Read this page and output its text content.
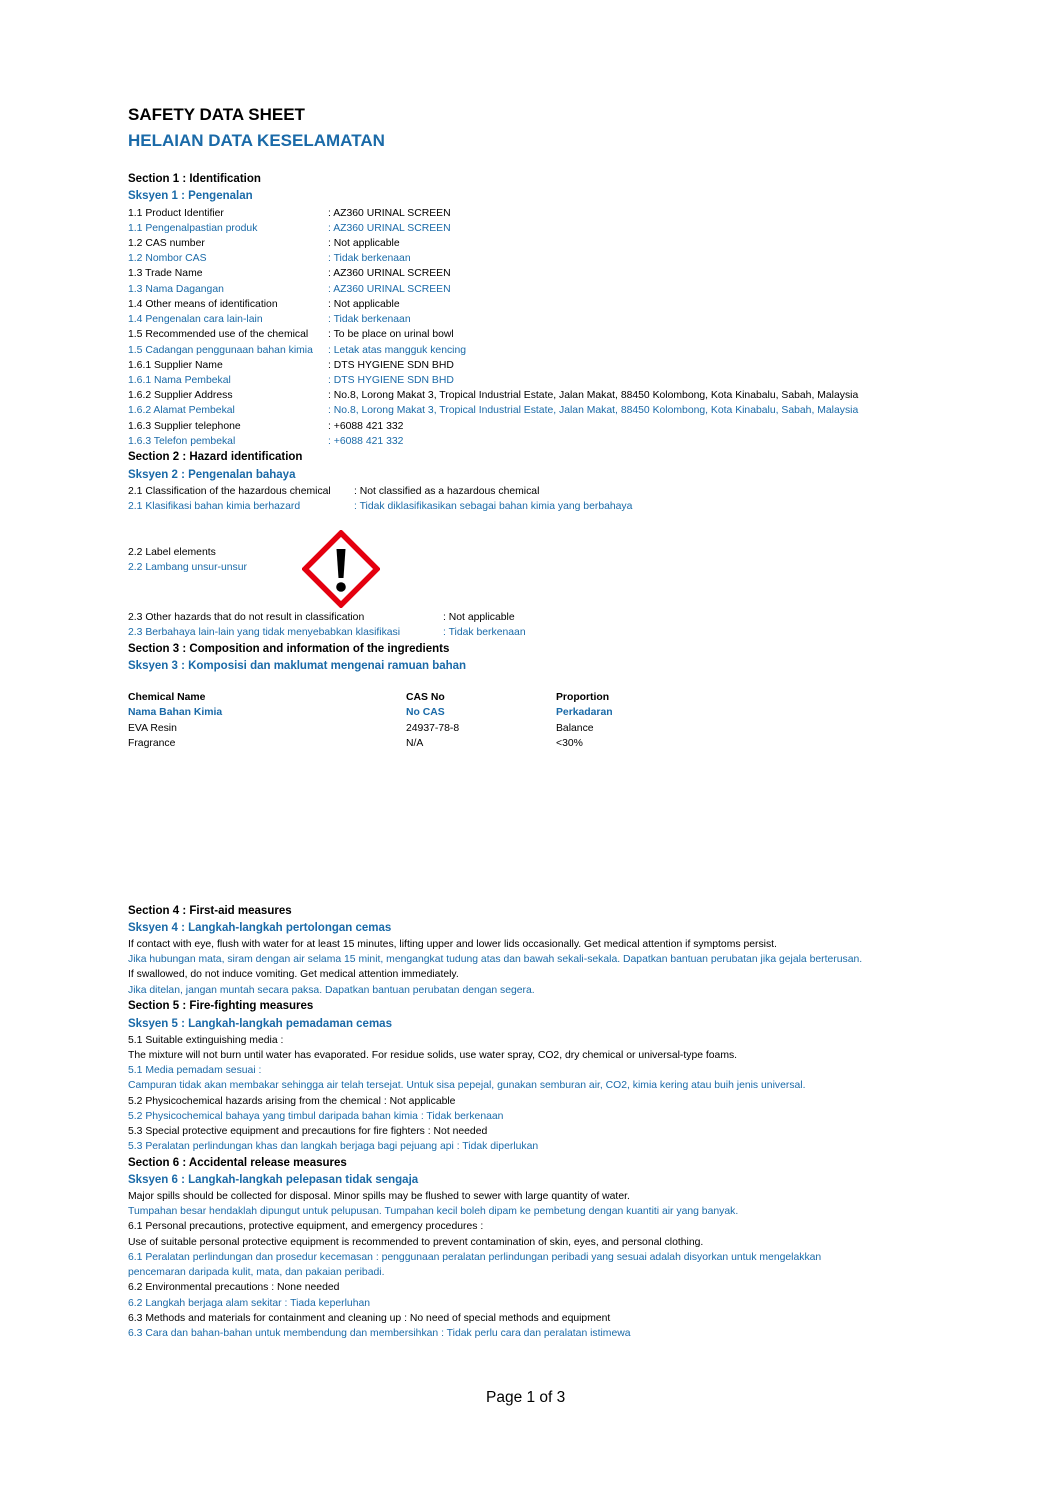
SAFETY DATA SHEET
HELAIAN DATA KESELAMATAN
Section 1 : Identification
Sksyen 1 : Pengenalan
1.1 Product Identifier	: AZ360 URINAL SCREEN
1.1 Pengenalpastian produk	: AZ360 URINAL SCREEN
1.2 CAS number	: Not applicable
1.2 Nombor CAS	: Tidak berkenaan
1.3 Trade Name	: AZ360 URINAL SCREEN
1.3 Nama Dagangan	: AZ360 URINAL SCREEN
1.4 Other means of identification	: Not applicable
1.4 Pengenalan cara lain-lain	: Tidak berkenaan
1.5 Recommended use of the chemical : To be place on urinal bowl
1.5 Cadangan penggunaan bahan kimia : Letak atas mangguk kencing
1.6.1 Supplier Name	: DTS HYGIENE SDN BHD
1.6.1 Nama Pembekal	: DTS HYGIENE SDN BHD
1.6.2 Supplier Address	: No.8, Lorong Makat 3, Tropical Industrial Estate, Jalan Makat, 88450 Kolombong, Kota Kinabalu, Sabah, Malaysia
1.6.2 Alamat Pembekal	: No.8, Lorong Makat 3, Tropical Industrial Estate, Jalan Makat, 88450 Kolombong, Kota Kinabalu, Sabah, Malaysia
1.6.3 Supplier telephone	: +6088 421 332
1.6.3 Telefon pembekal	: +6088 421 332
Section 2 : Hazard identification
Sksyen 2 : Pengenalan bahaya
2.1 Classification of the hazardous chemical : Not classified as a hazardous chemical
2.1 Klasifikasi bahan kimia berhazard	: Tidak diklasifikasikan sebagai bahan kimia yang berbahaya
2.2 Label elements
2.2 Lambang unsur-unsur
2.3 Other hazards that do not result in classification	: Not applicable
2.3 Berbahaya lain-lain yang tidak menyebabkan klasifikasi	: Tidak berkenaan
Section 3 : Composition and information of the ingredients
Sksyen 3 : Komposisi dan maklumat mengenai ramuan bahan
Chemical Name	CAS No	Proportion
Nama Bahan Kimia	No CAS	Perkadaran
EVA Resin	24937-78-8	Balance
Fragrance	N/A	<30%
Section 4 : First-aid measures
Sksyen 4 : Langkah-langkah pertolongan cemas
If contact with eye, flush with water for at least 15 minutes, lifting upper and lower lids occasionally. Get medical attention if symptoms persist.
Jika hubungan mata, siram dengan air selama 15 minit, mengangkat tudung atas dan bawah sekali-sekala. Dapatkan bantuan perubatan jika gejala berterusan.
If swallowed, do not induce vomiting. Get medical attention immediately.
Jika ditelan, jangan muntah secara paksa. Dapatkan bantuan perubatan dengan segera.
Section 5 : Fire-fighting measures
Sksyen 5 : Langkah-langkah pemadaman cemas
5.1 Suitable extinguishing media :
The mixture will not burn until water has evaporated. For residue solids, use water spray, CO2, dry chemical or universal-type foams.
5.1 Media pemadam sesuai :
Campuran tidak akan membakar sehingga air telah tersejat. Untuk sisa pepejal, gunakan semburan air, CO2, kimia kering atau buih jenis universal.
5.2 Physicochemical hazards arising from the chemical : Not applicable
5.2 Physicochemical bahaya yang timbul daripada bahan kimia : Tidak berkenaan
5.3 Special protective equipment and precautions for fire fighters : Not needed
5.3 Peralatan perlindungan khas dan langkah berjaga bagi pejuang api : Tidak diperlukan
Section 6 : Accidental release measures
Sksyen 6 : Langkah-langkah pelepasan tidak sengaja
Major spills should be collected for disposal. Minor spills may be flushed to sewer with large quantity of water.
Tumpahan besar hendaklah dipungut untuk pelupusan. Tumpahan kecil boleh dipam ke pembetung dengan kuantiti air yang banyak.
6.1 Personal precautions, protective equipment, and emergency procedures :
Use of suitable personal protective equipment is recommended to prevent contamination of skin, eyes, and personal clothing.
6.1 Peralatan perlindungan dan prosedur kecemasan : penggunaan peralatan perlindungan peribadi yang sesuai adalah disyorkan untuk mengelakkan
pencemaran daripada kulit, mata, dan pakaian peribadi.
6.2 Environmental precautions : None needed
6.2 Langkah berjaga alam sekitar : Tiada keperluhan
6.3 Methods and materials for containment and cleaning up : No need of special methods and equipment
6.3 Cara dan bahan-bahan untuk membendung dan membersihkan : Tidak perlu cara dan peralatan istimewa
Page 1 of 3
